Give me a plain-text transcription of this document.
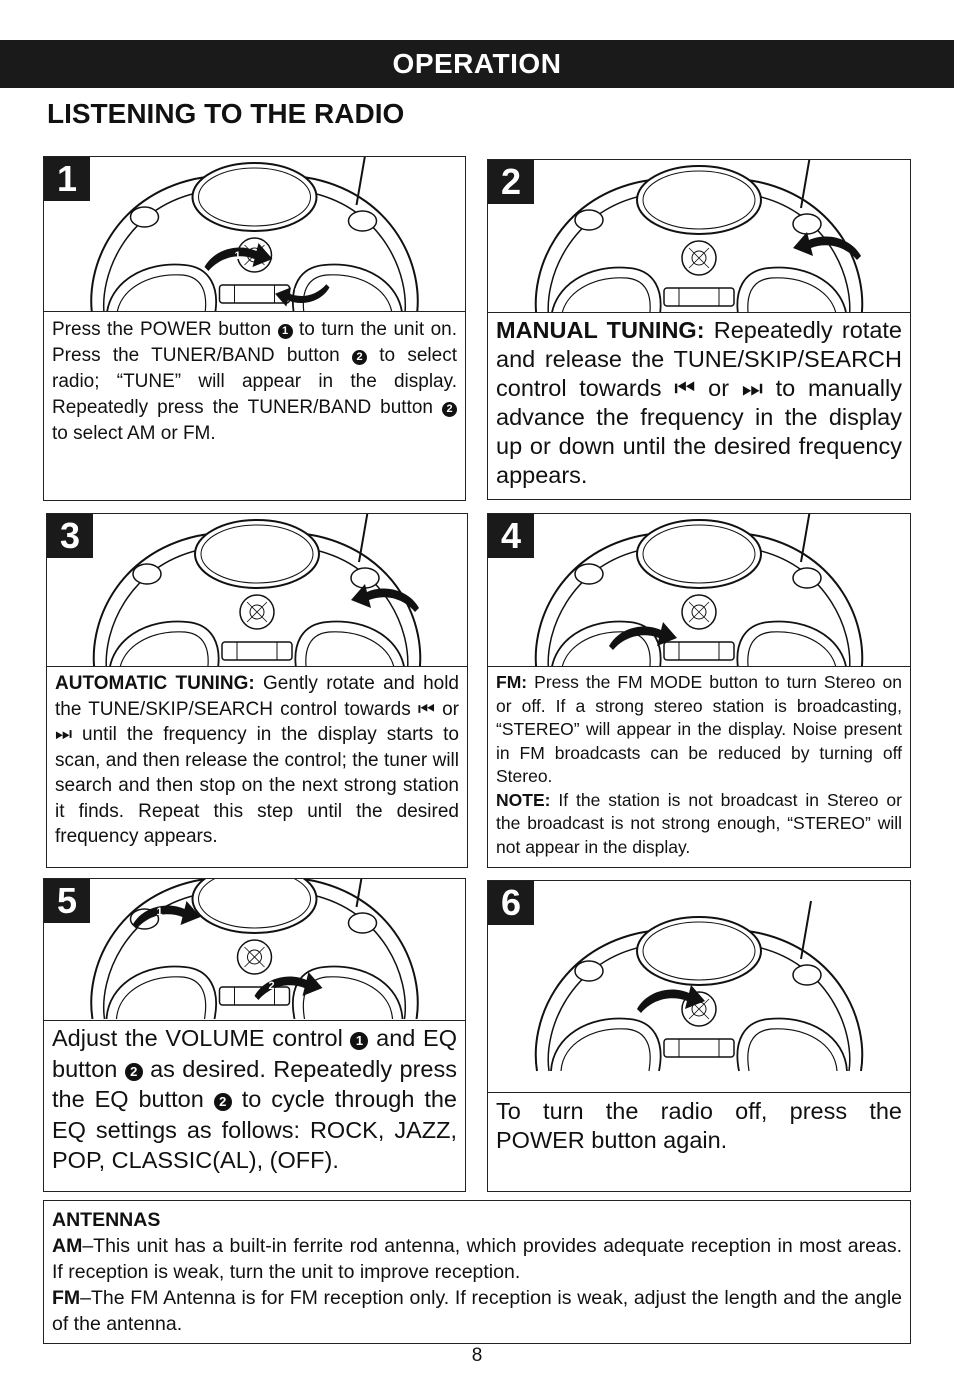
OPERATION
LISTENING TO THE RADIO
1
1
2
Press the POWER button 1 to turn the unit on. Press the TUNER/BAND button 2 to select radio; “TUNE” will appear in the display. Repeatedly press the TUNER/BAND button 2 to select AM or FM.
2
MANUAL TUNING: Repeatedly rotate and release the TUNE/SKIP/SEARCH control towards ⏮ or ⏭ to manually advance the frequency in the display up or down until the desired frequency appears.
3
AUTOMATIC TUNING: Gently rotate and hold the TUNE/SKIP/SEARCH control towards ⏮ or ⏭ until the frequency in the display starts to scan, and then release the control; the tuner will search and then stop on the next strong station it finds. Repeat this step until the desired frequency appears.
4
FM: Press the FM MODE button to turn Stereo on or off. If a strong stereo station is broadcasting, “STEREO” will appear in the display. Noise present in FM broadcasts can be reduced by turning off Stereo.
NOTE: If the station is not broadcast in Stereo or the broadcast is not strong enough, “STEREO” will not appear in the display.
5	1
2
Adjust the VOLUME control 1 and EQ button 2 as desired. Repeatedly press the EQ button 2 to cycle through the EQ settings as follows: ROCK, JAZZ, POP, CLASSIC(AL), (OFF).
6
To turn the radio off, press the POWER button again.
ANTENNAS
AM–This unit has a built-in ferrite rod antenna, which provides adequate reception in most areas. If reception is weak, turn the unit to improve reception.
FM–The FM Antenna is for FM reception only. If reception is weak, adjust the length and the angle of the antenna.
8
